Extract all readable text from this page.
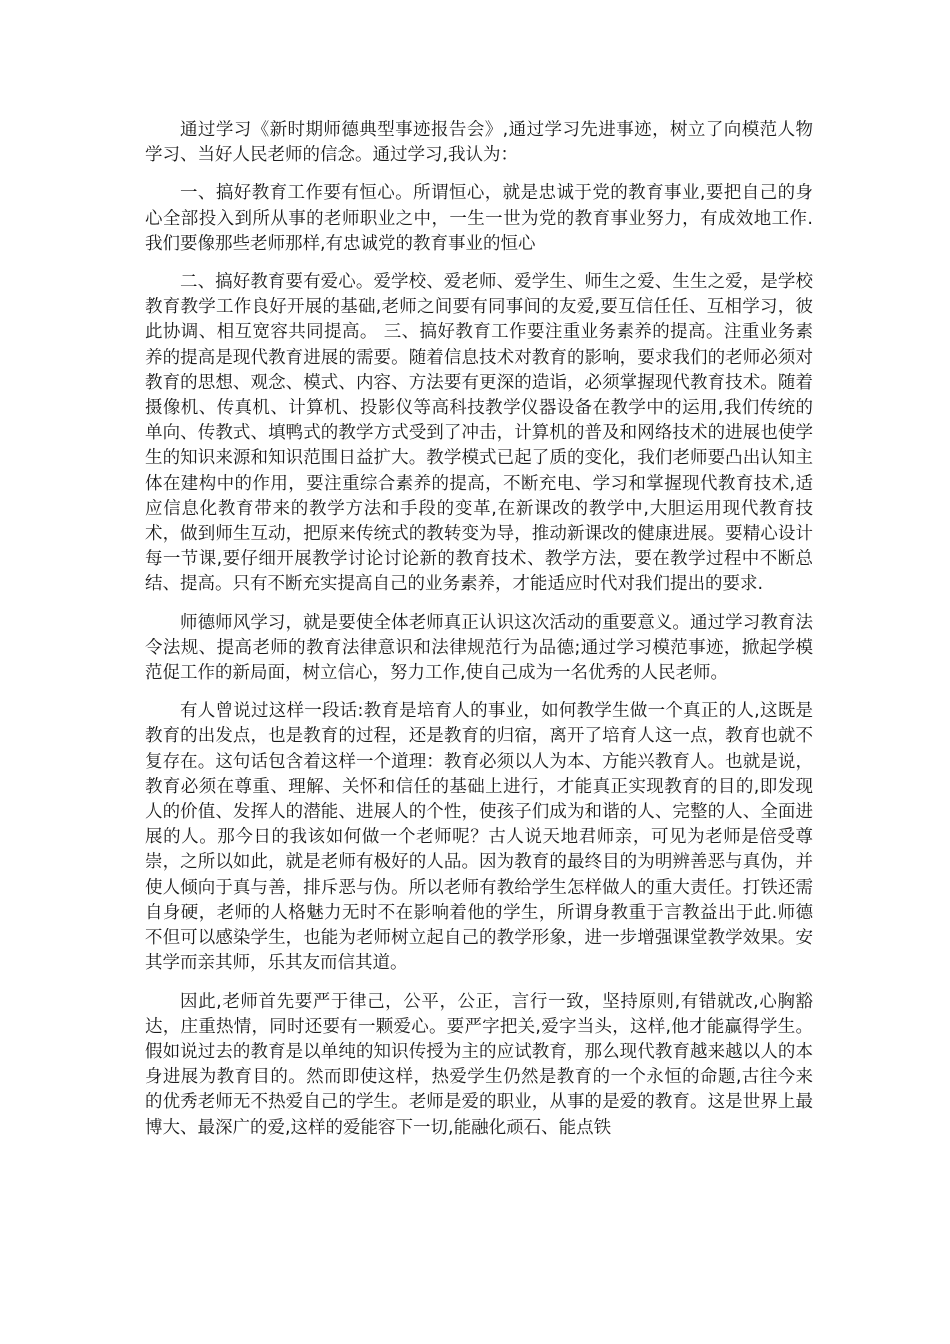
通过学习《新时期师德典型事迹报告会》,通过学习先进事迹，树立了向模范人物学习、当好人民老师的信念。通过学习,我认为：

一、搞好教育工作要有恒心。所谓恒心，就是忠诚于党的教育事业,要把自己的身心全部投入到所从事的老师职业之中，一生一世为党的教育事业努力，有成效地工作.我们要像那些老师那样,有忠诚党的教育事业的恒心

二、搞好教育要有爱心。爱学校、爱老师、爱学生、师生之爱、生生之爱，是学校教育教学工作良好开展的基础,老师之间要有同事间的友爱,要互信任任、互相学习，彼此协调、相互宽容共同提高。 三、搞好教育工作要注重业务素养的提高。注重业务素养的提高是现代教育进展的需要。随着信息技术对教育的影响，要求我们的老师必须对教育的思想、观念、模式、内容、方法要有更深的造诣，必须掌握现代教育技术。随着摄像机、传真机、计算机、投影仪等高科技教学仪器设备在教学中的运用,我们传统的单向、传教式、填鸭式的教学方式受到了冲击，计算机的普及和网络技术的进展也使学生的知识来源和知识范围日益扩大。教学模式已起了质的变化，我们老师要凸出认知主体在建构中的作用，要注重综合素养的提高，不断充电、学习和掌握现代教育技术,适应信息化教育带来的教学方法和手段的变革,在新课改的教学中,大胆运用现代教育技术，做到师生互动，把原来传统式的教转变为导，推动新课改的健康进展。要精心设计每一节课,要仔细开展教学讨论讨论新的教育技术、教学方法，要在教学过程中不断总结、提高。只有不断充实提高自己的业务素养，才能适应时代对我们提出的要求.

师德师风学习，就是要使全体老师真正认识这次活动的重要意义。通过学习教育法令法规、提高老师的教育法律意识和法律规范行为品德;通过学习模范事迹，掀起学模范促工作的新局面，树立信心，努力工作,使自己成为一名优秀的人民老师。

有人曾说过这样一段话:教育是培育人的事业，如何教学生做一个真正的人,这既是教育的出发点，也是教育的过程，还是教育的归宿，离开了培育人这一点，教育也就不复存在。这句话包含着这样一个道理：教育必须以人为本、方能兴教育人。也就是说，教育必须在尊重、理解、关怀和信任的基础上进行，才能真正实现教育的目的,即发现人的价值、发挥人的潜能、进展人的个性，使孩子们成为和谐的人、完整的人、全面进展的人。那今日的我该如何做一个老师呢？古人说天地君师亲，可见为老师是倍受尊崇，之所以如此，就是老师有极好的人品。因为教育的最终目的为明辨善恶与真伪，并使人倾向于真与善，排斥恶与伪。所以老师有教给学生怎样做人的重大责任。打铁还需自身硬，老师的人格魅力无时不在影响着他的学生，所谓身教重于言教益出于此.师德不但可以感染学生，也能为老师树立起自己的教学形象，进一步增强课堂教学效果。安其学而亲其师，乐其友而信其道。

因此,老师首先要严于律己，公平，公正，言行一致，坚持原则,有错就改,心胸豁达，庄重热情，同时还要有一颗爱心。要严字把关,爱字当头，这样,他才能赢得学生。假如说过去的教育是以单纯的知识传授为主的应试教育，那么现代教育越来越以人的本身进展为教育目的。然而即使这样，热爱学生仍然是教育的一个永恒的命题,古往今来的优秀老师无不热爱自己的学生。老师是爱的职业，从事的是爱的教育。这是世界上最博大、最深广的爱,这样的爱能容下一切,能融化顽石、能点铁
